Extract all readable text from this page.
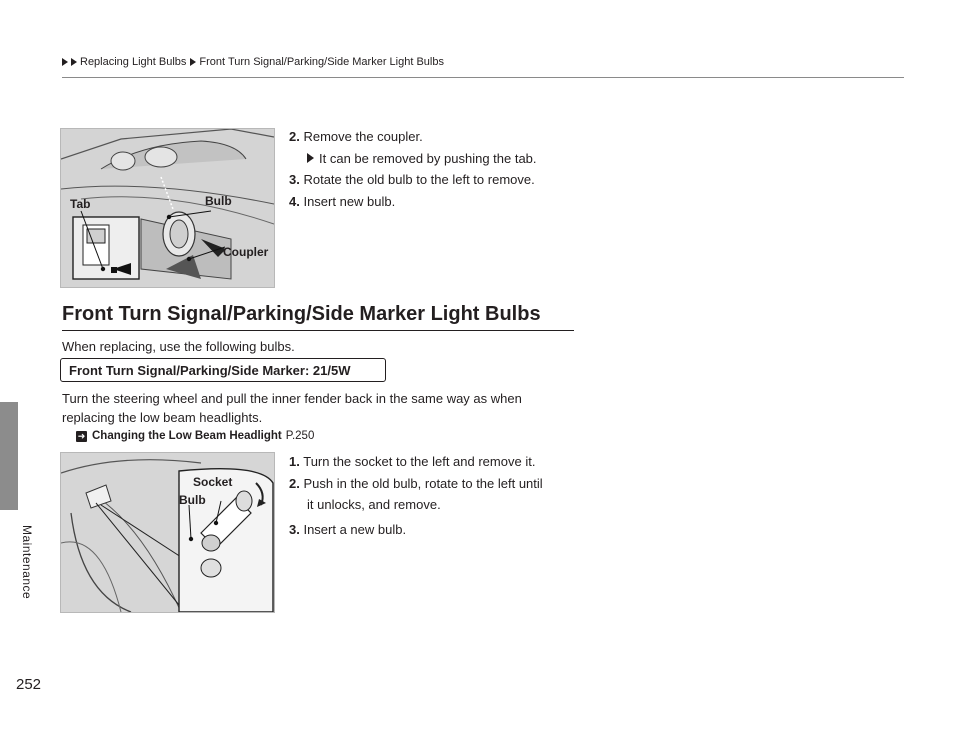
Replacing Light Bulbs Front Turn Signal/Parking/Side Marker Light Bulbs
Maintenance
252
Tab	Bulb
Coupler
2. Remove the coupler.
It can be removed by pushing the tab.
3. Rotate the old bulb to the left to remove.
4. Insert new bulb.
Front Turn Signal/Parking/Side Marker Light Bulbs
When replacing, use the following bulbs.
Front Turn Signal/Parking/Side Marker: 21/5W
Turn the steering wheel and pull the inner fender back in the same way as when
replacing the low beam headlights.
➜ Changing the Low Beam Headlight P.250
Socket
Bulb
1. Turn the socket to the left and remove it.
2. Push in the old bulb, rotate to the left until
it unlocks, and remove.
3. Insert a new bulb.
